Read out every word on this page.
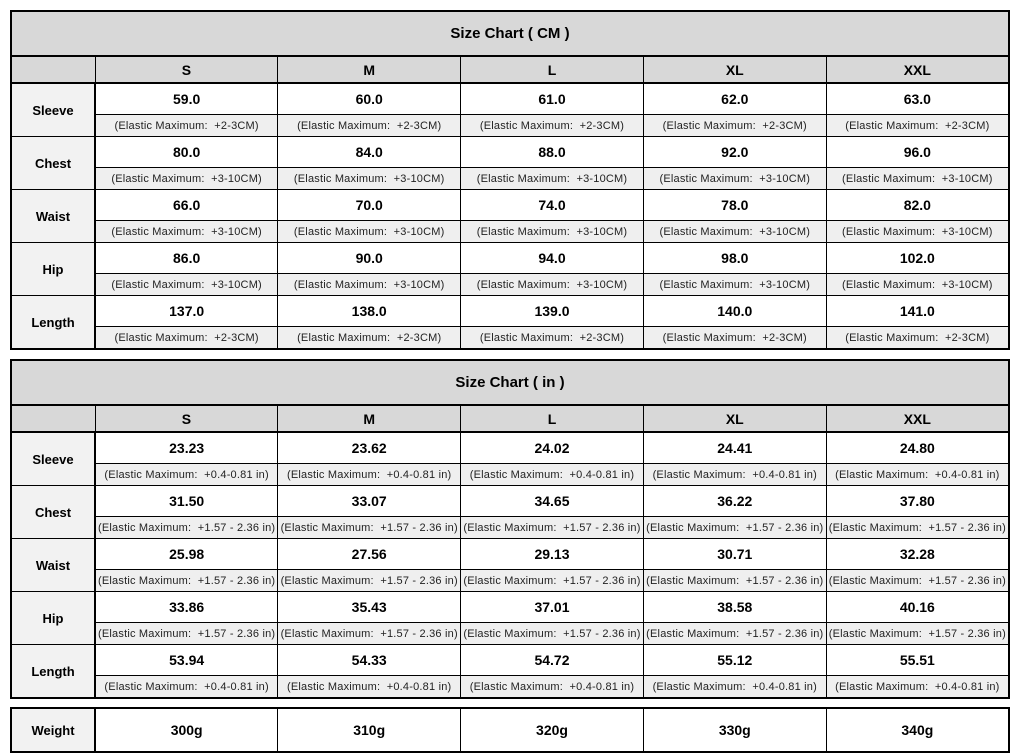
Size Chart ( CM )					
	S	M	L	XL	XXL
Sleeve	59.0	60.0	61.0	62.0	63.0
	(Elastic Maximum:  +2-3CM)	(Elastic Maximum:  +2-3CM)	(Elastic Maximum:  +2-3CM)	(Elastic Maximum:  +2-3CM)	(Elastic Maximum:  +2-3CM)
Chest	80.0	84.0	88.0	92.0	96.0
	(Elastic Maximum:  +3-10CM)	(Elastic Maximum:  +3-10CM)	(Elastic Maximum:  +3-10CM)	(Elastic Maximum:  +3-10CM)	(Elastic Maximum:  +3-10CM)
Waist	66.0	70.0	74.0	78.0	82.0
	(Elastic Maximum:  +3-10CM)	(Elastic Maximum:  +3-10CM)	(Elastic Maximum:  +3-10CM)	(Elastic Maximum:  +3-10CM)	(Elastic Maximum:  +3-10CM)
Hip	86.0	90.0	94.0	98.0	102.0
	(Elastic Maximum:  +3-10CM)	(Elastic Maximum:  +3-10CM)	(Elastic Maximum:  +3-10CM)	(Elastic Maximum:  +3-10CM)	(Elastic Maximum:  +3-10CM)
Length	137.0	138.0	139.0	140.0	141.0
	(Elastic Maximum:  +2-3CM)	(Elastic Maximum:  +2-3CM)	(Elastic Maximum:  +2-3CM)	(Elastic Maximum:  +2-3CM)	(Elastic Maximum:  +2-3CM)
Size Chart ( in )					
	S	M	L	XL	XXL
Sleeve	23.23	23.62	24.02	24.41	24.80
	(Elastic Maximum:  +0.4-0.81 in)	(Elastic Maximum:  +0.4-0.81 in)	(Elastic Maximum:  +0.4-0.81 in)	(Elastic Maximum:  +0.4-0.81 in)	(Elastic Maximum:  +0.4-0.81 in)
Chest	31.50	33.07	34.65	36.22	37.80
	(Elastic Maximum:  +1.57 - 2.36 in)	(Elastic Maximum:  +1.57 - 2.36 in)	(Elastic Maximum:  +1.57 - 2.36 in)	(Elastic Maximum:  +1.57 - 2.36 in)	(Elastic Maximum:  +1.57 - 2.36 in)
Waist	25.98	27.56	29.13	30.71	32.28
	(Elastic Maximum:  +1.57 - 2.36 in)	(Elastic Maximum:  +1.57 - 2.36 in)	(Elastic Maximum:  +1.57 - 2.36 in)	(Elastic Maximum:  +1.57 - 2.36 in)	(Elastic Maximum:  +1.57 - 2.36 in)
Hip	33.86	35.43	37.01	38.58	40.16
	(Elastic Maximum:  +1.57 - 2.36 in)	(Elastic Maximum:  +1.57 - 2.36 in)	(Elastic Maximum:  +1.57 - 2.36 in)	(Elastic Maximum:  +1.57 - 2.36 in)	(Elastic Maximum:  +1.57 - 2.36 in)
Length	53.94	54.33	54.72	55.12	55.51
	(Elastic Maximum:  +0.4-0.81 in)	(Elastic Maximum:  +0.4-0.81 in)	(Elastic Maximum:  +0.4-0.81 in)	(Elastic Maximum:  +0.4-0.81 in)	(Elastic Maximum:  +0.4-0.81 in)
Weight	300g	310g	320g	330g	340g
